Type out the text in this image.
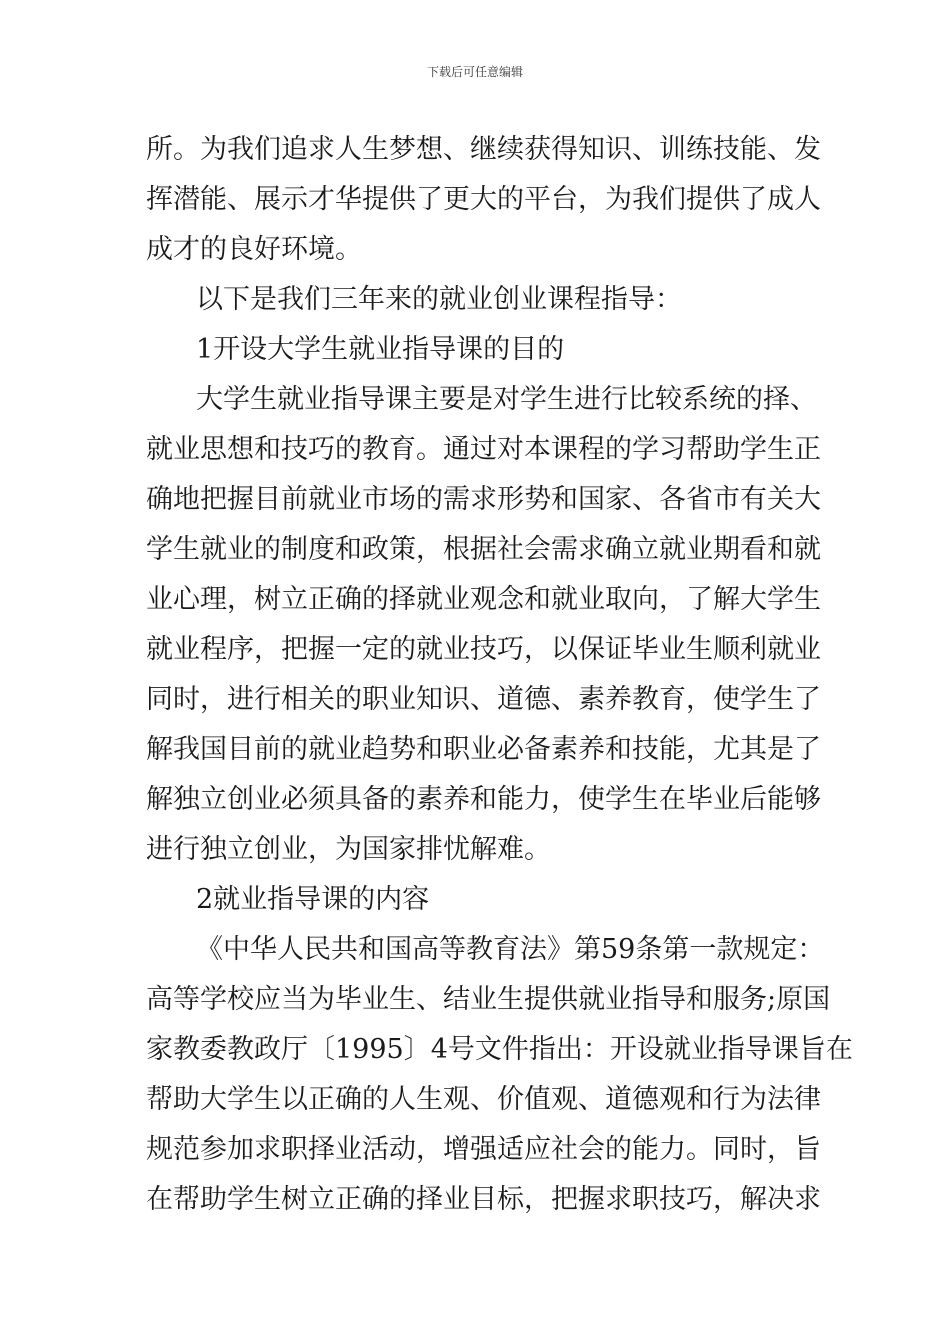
下载后可任意编辑
所。为我们追求人生梦想、继续获得知识、训练技能、发
挥潜能、展示才华提供了更大的平台，为我们提供了成人
成才的良好环境。
以下是我们三年来的就业创业课程指导：
1开设大学生就业指导课的目的
大学生就业指导课主要是对学生进行比较系统的择、
就业思想和技巧的教育。通过对本课程的学习帮助学生正
确地把握目前就业市场的需求形势和国家、各省市有关大
学生就业的制度和政策，根据社会需求确立就业期看和就
业心理，树立正确的择就业观念和就业取向，了解大学生
就业程序，把握一定的就业技巧，以保证毕业生顺利就业
同时，进行相关的职业知识、道德、素养教育，使学生了
解我国目前的就业趋势和职业必备素养和技能，尤其是了
解独立创业必须具备的素养和能力，使学生在毕业后能够
进行独立创业，为国家排忧解难。
2就业指导课的内容
《中华人民共和国高等教育法》第59条第一款规定：
高等学校应当为毕业生、结业生提供就业指导和服务;原国
家教委教政厅〔1995〕4号文件指出：开设就业指导课旨在
帮助大学生以正确的人生观、价值观、道德观和行为法律
规范参加求职择业活动，增强适应社会的能力。同时，旨
在帮助学生树立正确的择业目标，把握求职技巧，解决求
